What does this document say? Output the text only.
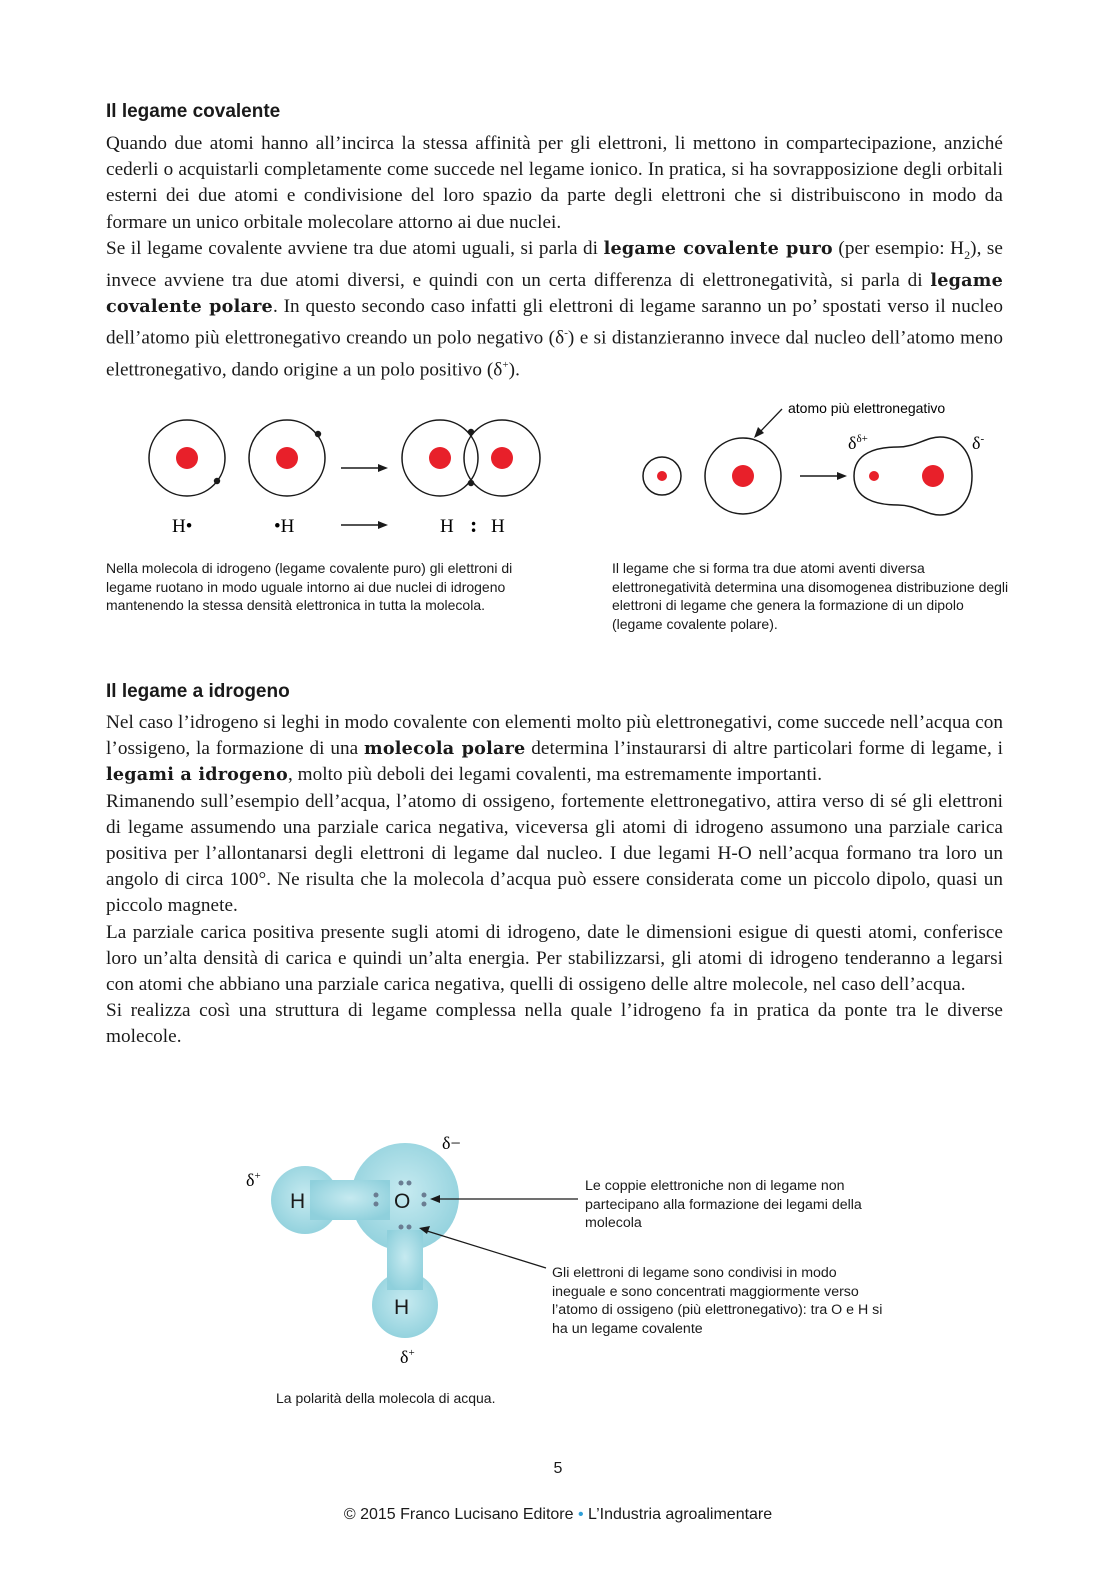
Il legame covalente

Quando due atomi hanno all’incirca la stessa affinità per gli elettroni, li mettono in compartecipazione, anziché cederli o acquistarli completamente come succede nel legame ionico. In pratica, si ha sovrapposizione degli orbitali esterni dei due atomi e condivisione del loro spazio da parte degli elettroni che si distribuiscono in modo da formare un unico orbitale molecolare attorno ai due nuclei.
Se il legame covalente avviene tra due atomi uguali, si parla di legame covalente puro (per esempio: $H_2$), se invece avviene tra due atomi diversi, e quindi con un certa differenza di elettronegatività, si parla di legame covalente polare. In questo secondo caso infatti gli elettroni di legame saranno un po’ spostati verso il nucleo dell’atomo più elettronegativo creando un polo negativo (δ-) e si distanzieranno invece dal nucleo dell’atomo meno elettronegativo, dando origine a un polo positivo (δ+).

H•	•H	H : H

Nella molecola di idrogeno (legame covalente puro) gli elettroni di legame ruotano in modo uguale intorno ai due nuclei di idrogeno mantenendo la stessa densità elettronica in tutta la molecola.

atomo più elettronegativo
$\delta^{\delta+}$	δ-

Il legame che si forma tra due atomi aventi diversa elettronegatività determina una disomogenea distribuzione degli elettroni di legame che genera la formazione di un dipolo (legame covalente polare).

Il legame a idrogeno

Nel caso l’idrogeno si leghi in modo covalente con elementi molto più elettronegativi, come succede nell’acqua con l’ossigeno, la formazione di una molecola polare determina l’instaurarsi di altre particolari forme di legame, i legami a idrogeno, molto più deboli dei legami covalenti, ma estremamente importanti.
Rimanendo sull’esempio dell’acqua, l’atomo di ossigeno, fortemente elettronegativo, attira verso di sé gli elettroni di legame assumendo una parziale carica negativa, viceversa gli atomi di idrogeno assumono una parziale carica positiva per l’allontanarsi degli elettroni di legame dal nucleo. I due legami H-O nell’acqua formano tra loro un angolo di circa 100°. Ne risulta che la molecola d’acqua può essere considerata come un piccolo dipolo, quasi un piccolo magnete.
La parziale carica positiva presente sugli atomi di idrogeno, date le dimensioni esigue di questi atomi, conferisce loro un’alta densità di carica e quindi un’alta energia. Per stabilizzarsi, gli atomi di idrogeno tenderanno a legarsi con atomi che abbiano una parziale carica negativa, quelli di ossigeno delle altre molecole, nel caso dell’acqua.
Si realizza così una struttura di legame complessa nella quale l’idrogeno fa in pratica da ponte tra le diverse molecole.

H	O
H
δ−
δ+
δ+

Le coppie elettroniche non di legame non partecipano alla formazione dei legami della molecola

Gli elettroni di legame sono condivisi in modo ineguale e sono concentrati maggiormente verso l’atomo di ossigeno (più elettronegativo): tra O e H si ha un legame covalente

La polarità della molecola di acqua.

5
© 2015 Franco Lucisano Editore • L’Industria agroalimentare
